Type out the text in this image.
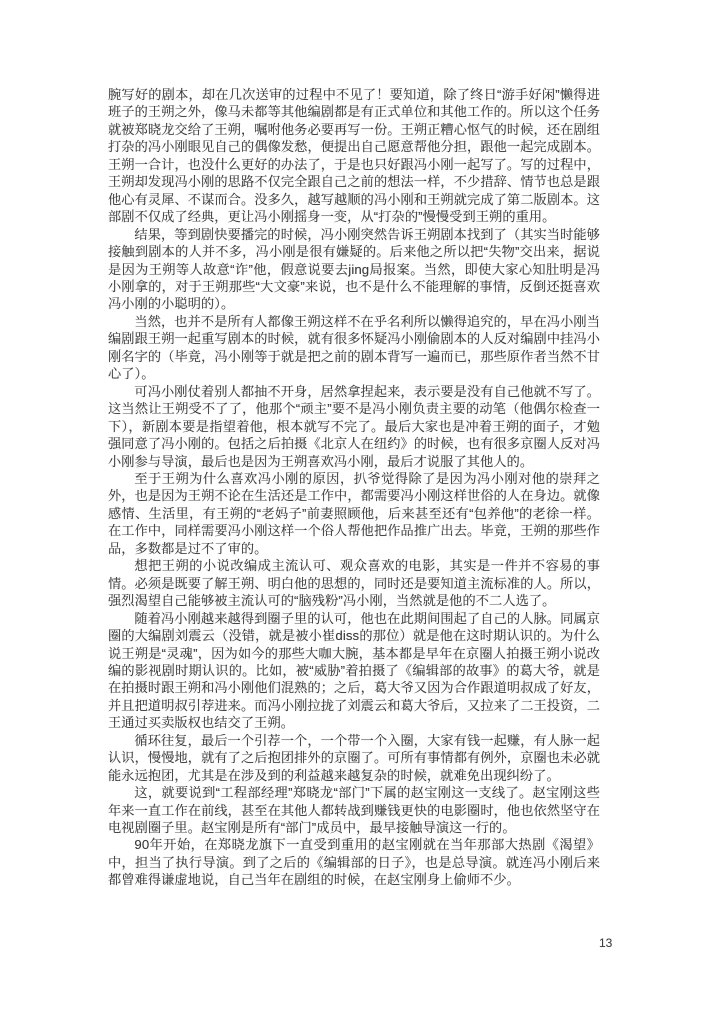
腕写好的剧本，却在几次送审的过程中不见了！要知道，除了终日“游手好闲”懒得进班子的王朔之外，像马未都等其他编剧都是有正式单位和其他工作的。所以这个任务就被郑晓龙交给了王朔，嘱咐他务必要再写一份。王朔正糟心怄气的时候，还在剧组打杂的冯小刚眼见自己的偶像发愁，便提出自己愿意帮他分担，跟他一起完成剧本。王朔一合计，也没什么更好的办法了，于是也只好跟冯小刚一起写了。写的过程中，王朔却发现冯小刚的思路不仅完全跟自己之前的想法一样，不少措辞、情节也总是跟他心有灵犀、不谋而合。没多久，越写越顺的冯小刚和王朔就完成了第二版剧本。这部剧不仅成了经典，更让冯小刚摇身一变，从“打杂的”慢慢受到王朔的重用。

结果，等到剧快要播完的时候，冯小刚突然告诉王朔剧本找到了（其实当时能够接触到剧本的人并不多，冯小刚是很有嫌疑的。后来他之所以把“失物”交出来，据说是因为王朔等人故意“诈”他，假意说要去jing局报案。当然，即使大家心知肚明是冯小刚拿的，对于王朔那些“大文豪”来说，也不是什么不能理解的事情，反倒还挺喜欢冯小刚的小聪明的）。

当然，也并不是所有人都像王朔这样不在乎名利所以懒得追究的，早在冯小刚当编剧跟王朔一起重写剧本的时候，就有很多怀疑冯小刚偷剧本的人反对编剧中挂冯小刚名字的（毕竟，冯小刚等于就是把之前的剧本背写一遍而已，那些原作者当然不甘心了）。

可冯小刚仗着别人都抽不开身，居然拿捏起来，表示要是没有自己他就不写了。这当然让王朔受不了了，他那个“顽主”要不是冯小刚负责主要的动笔（他偶尔检查一下），新剧本要是指望着他，根本就写不完了。最后大家也是冲着王朔的面子，才勉强同意了冯小刚的。包括之后拍摄《北京人在纽约》的时候，也有很多京圈人反对冯小刚参与导演，最后也是因为王朔喜欢冯小刚，最后才说服了其他人的。

至于王朔为什么喜欢冯小刚的原因，扒爷觉得除了是因为冯小刚对他的崇拜之外，也是因为王朔不论在生活还是工作中，都需要冯小刚这样世俗的人在身边。就像感情、生活里，有王朔的“老妈子”前妻照顾他，后来甚至还有“包养他”的老徐一样。在工作中，同样需要冯小刚这样一个俗人帮他把作品推广出去。毕竟，王朔的那些作品，多数都是过不了审的。

想把王朔的小说改编成主流认可、观众喜欢的电影，其实是一件并不容易的事情。必须是既要了解王朔、明白他的思想的，同时还是要知道主流标准的人。所以，强烈渴望自己能够被主流认可的“脑残粉”冯小刚，当然就是他的不二人选了。

随着冯小刚越来越得到圈子里的认可，他也在此期间围起了自己的人脉。同属京圈的大编剧刘震云（没错，就是被小崔diss的那位）就是他在这时期认识的。为什么说王朔是“灵魂”，因为如今的那些大咖大腕，基本都是早年在京圈人拍摄王朔小说改编的影视剧时期认识的。比如，被“威胁”着拍摄了《编辑部的故事》的葛大爷，就是在拍摄时跟王朔和冯小刚他们混熟的；之后，葛大爷又因为合作跟道明叔成了好友，并且把道明叔引荐进来。而冯小刚拉拢了刘震云和葛大爷后，又拉来了二王投资，二王通过买卖版权也结交了王朔。

循环往复，最后一个引荐一个，一个带一个入圈，大家有钱一起赚，有人脉一起认识，慢慢地，就有了之后抱团排外的京圈了。可所有事情都有例外，京圈也未必就能永远抱团，尤其是在涉及到的利益越来越复杂的时候，就难免出现纠纷了。

这，就要说到“工程部经理”郑晓龙“部门”下属的赵宝刚这一支线了。赵宝刚这些年来一直工作在前线，甚至在其他人都转战到赚钱更快的电影圈时，他也依然坚守在电视剧圈子里。赵宝刚是所有“部门”成员中，最早接触导演这一行的。

90年开始，在郑晓龙旗下一直受到重用的赵宝刚就在当年那部大热剧《渴望》中，担当了执行导演。到了之后的《编辑部的日子》，也是总导演。就连冯小刚后来都曾难得谦虚地说，自己当年在剧组的时候，在赵宝刚身上偷师不少。

13
